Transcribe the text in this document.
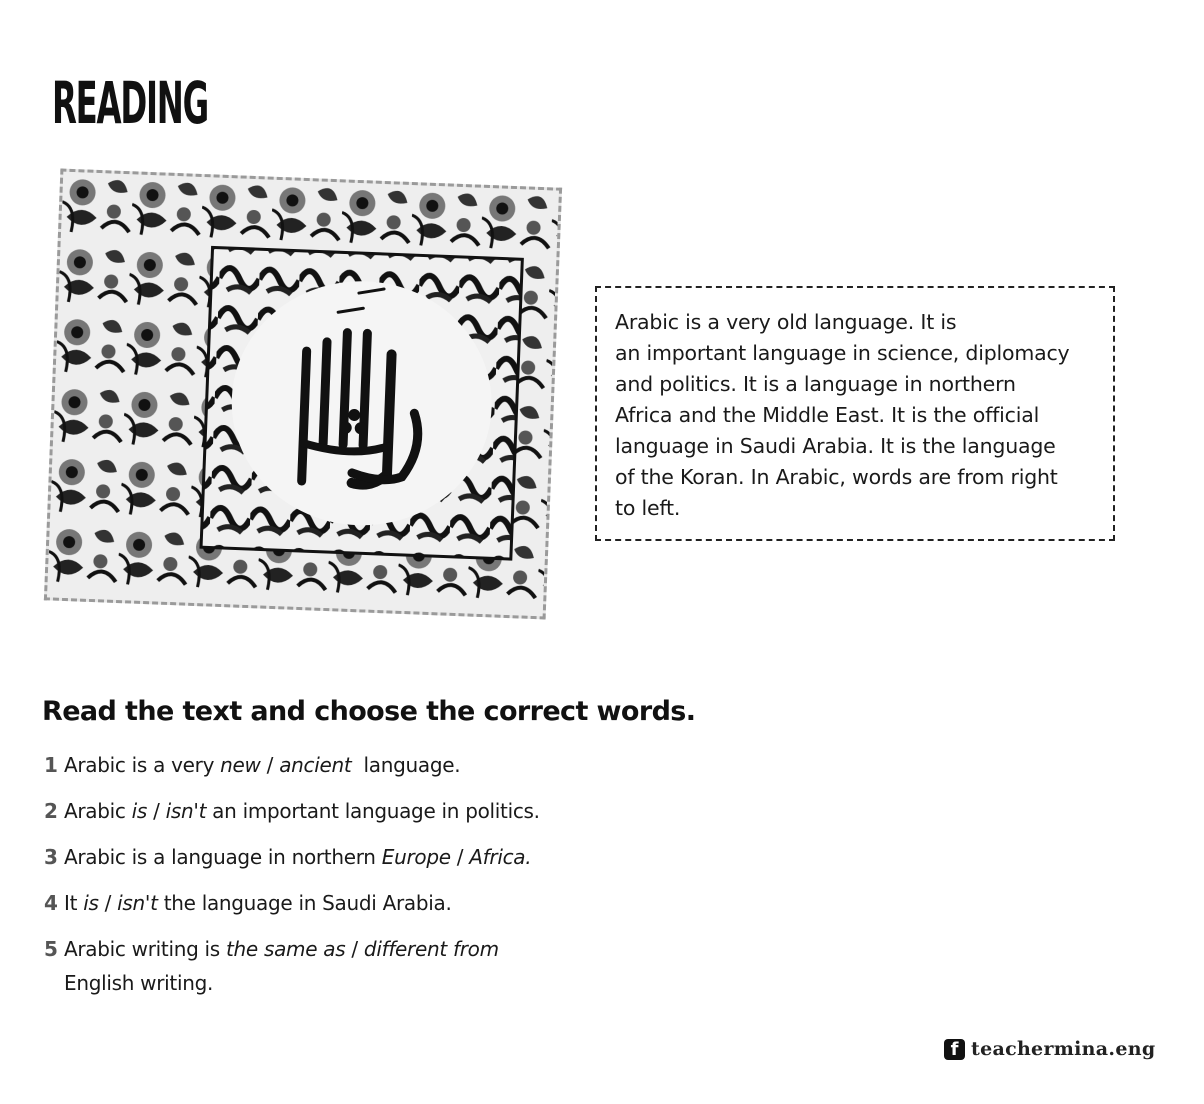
READING

Arabic is a very old language. It is

an important language in science, diplomacy

and politics. It is a language in northern

Africa and the Middle East. It is the official

language in Saudi Arabia. It is the language

of the Koran. In Arabic, words are from right

to left.

Read the text and choose the correct words.
1 Arabic is a very new / ancient  language.
2 Arabic is / isn't an important language in politics.
3 Arabic is a language in northern Europe / Africa.
4 It is / isn't the language in Saudi Arabia.
5 Arabic writing is the same as / different from
English writing.
f teachermina.eng
